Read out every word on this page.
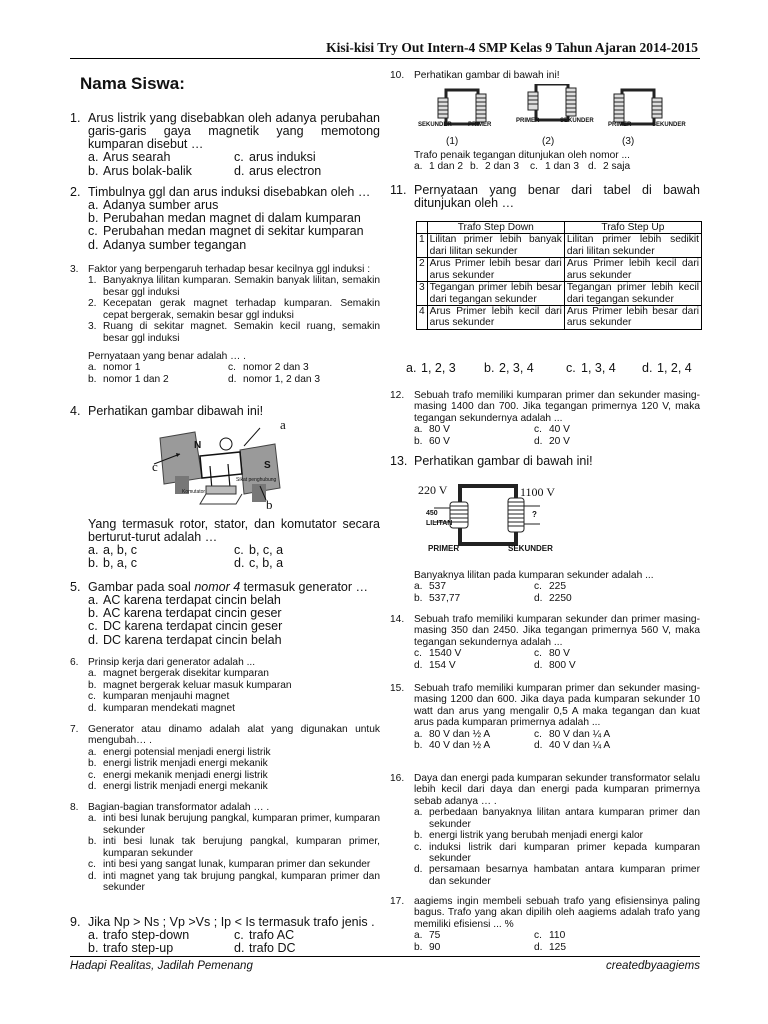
Kisi-kisi Try Out Intern-4 SMP Kelas 9 Tahun Ajaran 2014-2015
Nama Siswa:
Hadapi Realitas, Jadilah Pemenang	createdbyaagiems
1. Arus listrik yang disebabkan oleh adanya perubahan garis-garis gaya magnetik yang memotong kumparan disebut …
a. Arus searah	c. arus induksi
b. Arus bolak-balik	d. arus electron
2. Timbulnya ggl dan arus induksi disebabkan oleh …
a. Adanya sumber arus
b. Perubahan medan magnet di dalam kumparan
c. Perubahan medan magnet di sekitar kumparan
d. Adanya sumber tegangan
3. Faktor yang berpengaruh terhadap besar kecilnya ggl induksi :
1. Banyaknya lilitan kumparan. Semakin banyak lilitan, semakin besar ggl induksi
2. Kecepatan gerak magnet terhadap kumparan. Semakin cepat bergerak, semakin besar ggl induksi
3. Ruang di sekitar magnet. Semakin kecil ruang, semakin besar ggl induksi
Pernyataan yang benar adalah … .
a. nomor 1	c. nomor 2 dan 3
b. nomor 1 dan 2	d. nomor 1, 2 dan 3
4. Perhatikan gambar dibawah ini!
N
S
a
c
b
Sikat penghubung
Komutator
Yang termasuk rotor, stator, dan komutator secara berturut-turut adalah …
a. a, b, c	c. b, c, a
b. b, a, c	d. c, b, a
5. Gambar pada soal nomor 4 termasuk generator …
a. AC karena terdapat cincin belah
b. AC karena terdapat cincin geser
c. DC karena terdapat cincin geser
d. DC karena terdapat cincin belah
6. Prinsip kerja dari generator adalah ...
a. magnet bergerak disekitar kumparan
b. magnet bergerak keluar masuk kumparan
c. kumparan menjauhi magnet
d. kumparan mendekati magnet
7. Generator atau dinamo adalah alat yang digunakan untuk mengubah… .
a. energi potensial menjadi energi listrik
b. energi listrik menjadi energi mekanik
c. energi mekanik menjadi energi listrik
d. energi listrik menjadi energi mekanik
8. Bagian-bagian transformator adalah … .
a. inti besi lunak berujung pangkal, kumparan primer, kumparan sekunder
b. inti besi lunak tak berujung pangkal, kumparan primer, kumparan sekunder
c. inti besi yang sangat lunak, kumparan primer dan sekunder
d. inti magnet yang tak brujung pangkal, kumparan primer dan sekunder
9. Jika Np > Ns ; Vp >Vs ; Ip < Is termasuk trafo jenis .
a. trafo step-down	c. trafo AC
b. trafo step-up	d. trafo DC
10. Perhatikan gambar di bawah ini!
SEKUNDER	PRIMER
(1)
PRIMER	SEKUNDER
(2)
PRIMER	SEKUNDER
(3)
Trafo penaik tegangan ditunjukan oleh nomor ...
a. 1 dan 2 b. 2 dan 3 c. 1 dan 3 d. 2 saja
11. Pernyataan yang benar dari tabel di bawah ditunjukan oleh …
	Trafo Step Down	Trafo Step Up
1	Lilitan primer lebih banyak dari lilitan sekunder	Lilitan primer lebih sedikit dari lilitan sekunder
2	Arus Primer lebih besar dari arus sekunder	Arus Primer lebih kecil dari arus sekunder
3	Tegangan primer lebih besar dari tegangan sekunder	Tegangan primer lebih kecil dari tegangan sekunder
4	Arus Primer lebih kecil dari arus sekunder	Arus Primer lebih besar dari arus sekunder
a. 1, 2, 3 b. 2, 3, 4	c. 1, 3, 4 d. 1, 2, 4
12. Sebuah trafo memiliki kumparan primer dan sekunder masing-masing 1400 dan 700. Jika tegangan primernya 120 V, maka tegangan sekundernya adalah ...
a. 80 V	c. 40 V
b. 60 V	d. 20 V
13. Perhatikan gambar di bawah ini!
220 V	1100 V
450
LILITAN
?
PRIMER	SEKUNDER
Banyaknya lilitan pada kumparan sekunder adalah ...
a. 537	c. 225
b. 537,77	d. 2250
14. Sebuah trafo memiliki kumparan sekunder dan primer masing-masing 350 dan 2450. Jika tegangan primernya 560 V, maka tegangan sekundernya adalah ...
c. 1540 V	c. 80 V
d. 154 V	d. 800 V
15. Sebuah trafo memiliki kumparan primer dan sekunder masing-masing 1200 dan 600. Jika daya pada kumparan sekunder 10 watt dan arus yang mengalir 0,5 A maka tegangan dan kuat arus pada kumparan primernya adalah ...
a. 80 V dan ½ A	c. 80 V dan ¼ A
b. 40 V dan ½ A	d. 40 V dan ¼ A
16. Daya dan energi pada kumparan sekunder transformator selalu lebih kecil dari daya dan energi pada kumparan primernya sebab adanya … .
a. perbedaan banyaknya lilitan antara kumparan primer dan sekunder
b. energi listrik yang berubah menjadi energi kalor
c. induksi listrik dari kumparan primer kepada kumparan sekunder
d. persamaan besarnya hambatan antara kumparan primer dan sekunder
17. aagiems ingin membeli sebuah trafo yang efisiensinya paling bagus. Trafo yang akan dipilih oleh aagiems adalah trafo yang memiliki efisiensi ... %
a. 75	c. 110
b. 90	d. 125
